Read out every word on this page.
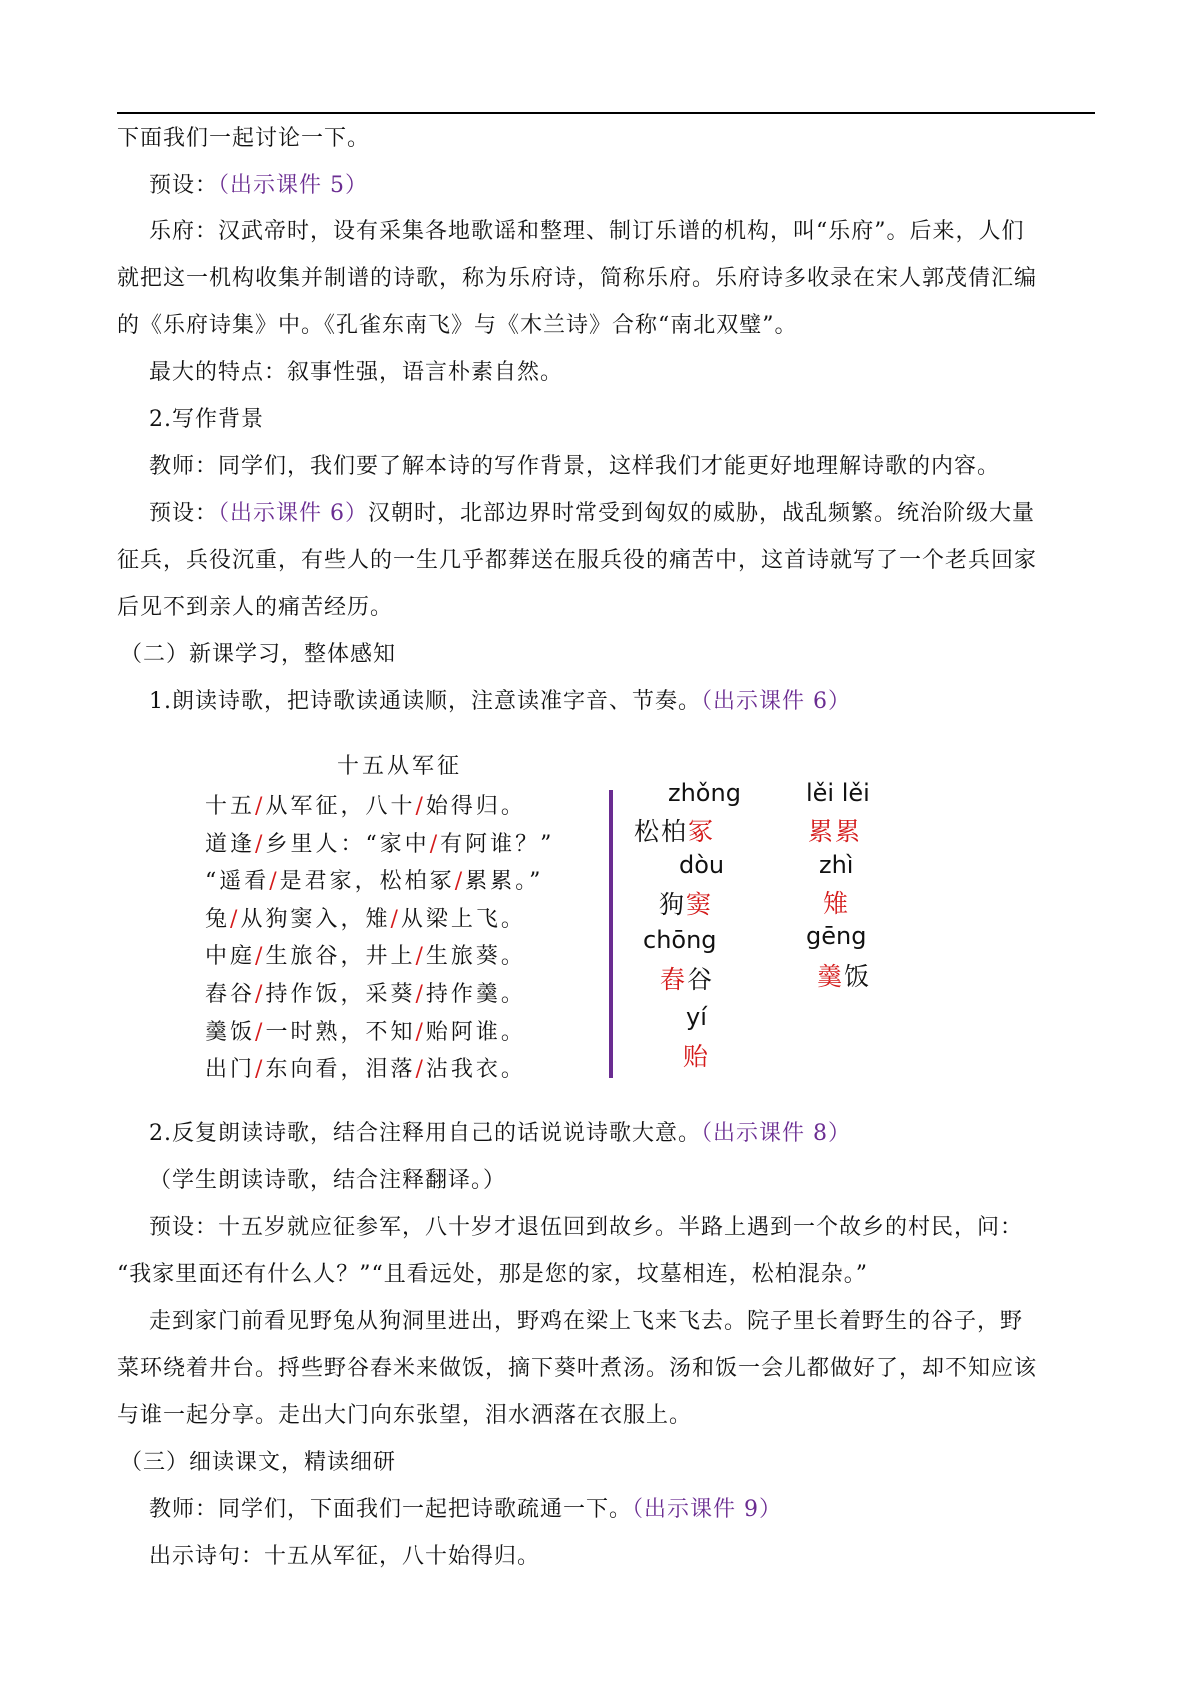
下面我们一起讨论一下。
预设：（出示课件 5）
乐府：汉武帝时，设有采集各地歌谣和整理、制订乐谱的机构，叫“乐府”。后来，人们
就把这一机构收集并制谱的诗歌，称为乐府诗，简称乐府。乐府诗多收录在宋人郭茂倩汇编
的《乐府诗集》中。《孔雀东南飞》与《木兰诗》合称“南北双璧”。
最大的特点：叙事性强，语言朴素自然。
2.写作背景
教师：同学们，我们要了解本诗的写作背景，这样我们才能更好地理解诗歌的内容。
预设：（出示课件 6）汉朝时，北部边界时常受到匈奴的威胁，战乱频繁。统治阶级大量
征兵，兵役沉重，有些人的一生几乎都葬送在服兵役的痛苦中，这首诗就写了一个老兵回家
后见不到亲人的痛苦经历。
（二）新课学习，整体感知
1.朗读诗歌，把诗歌读通读顺，注意读准字音、节奏。（出示课件 6）
十五从军征
十五/从军征，八十/始得归。
道逢/乡里人：“家中/有阿谁？”
“遥看/是君家，松柏冢/累累。”
兔/从狗窦入，雉/从梁上飞。
中庭/生旅谷，井上/生旅葵。
舂谷/持作饭，采葵/持作羹。
羹饭/一时熟，不知/贻阿谁。
出门/东向看，泪落/沾我衣。
zhǒng
松柏冢
lěi lěi
累累
dòu
狗窦
zhì
雉
chōng
舂谷
gēng
羹饭
yí
贻
2.反复朗读诗歌，结合注释用自己的话说说诗歌大意。（出示课件 8）
（学生朗读诗歌，结合注释翻译。）
预设：十五岁就应征参军，八十岁才退伍回到故乡。半路上遇到一个故乡的村民，问：
“我家里面还有什么人？”“且看远处，那是您的家，坟墓相连，松柏混杂。”
走到家门前看见野兔从狗洞里进出，野鸡在梁上飞来飞去。院子里长着野生的谷子，野
菜环绕着井台。捋些野谷舂米来做饭，摘下葵叶煮汤。汤和饭一会儿都做好了，却不知应该
与谁一起分享。走出大门向东张望，泪水洒落在衣服上。
（三）细读课文，精读细研
教师：同学们，下面我们一起把诗歌疏通一下。（出示课件 9）
出示诗句：十五从军征，八十始得归。
